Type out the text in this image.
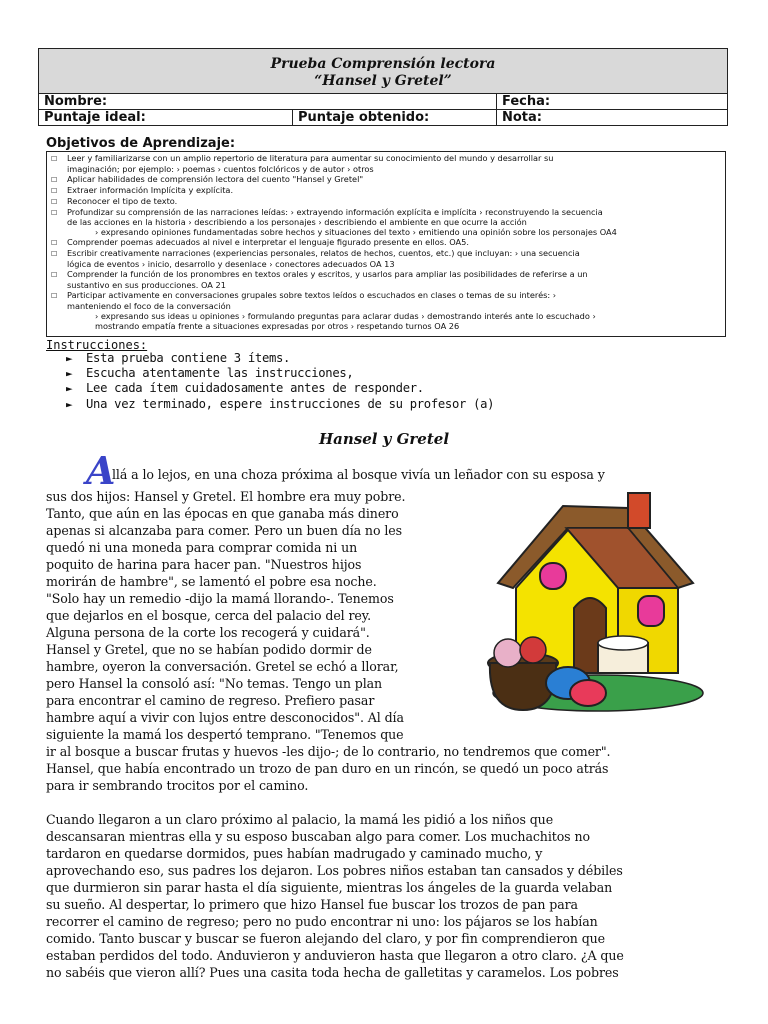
Prueba Comprensión lectora
“Hansel y Gretel”		

Nombre:		Fecha:
Puntaje ideal:	Puntaje obtenido:	Nota:
Objetivos de Aprendizaje:
☐	Leer y familiarizarse con un amplio repertorio de literatura para aumentar su conocimiento del mundo y desarrollar su
imaginación; por ejemplo: › poemas › cuentos folclóricos y de autor › otros
☐	Aplicar habilidades de comprensión lectora del cuento "Hansel y Gretel"
☐	Extraer información Implícita y explícita.
☐	Reconocer el tipo de texto.
☐	Profundizar su comprensión de las narraciones leídas: › extrayendo información explícita e implícita › reconstruyendo la secuencia
de las acciones en la historia › describiendo a los personajes › describiendo el ambiente en que ocurre la acción
› expresando opiniones fundamentadas sobre hechos y situaciones del texto › emitiendo una opinión sobre los personajes OA4
☐	Comprender poemas adecuados al nivel e interpretar el lenguaje figurado presente en ellos. OA5.
☐	Escribir creativamente narraciones (experiencias personales, relatos de hechos, cuentos, etc.) que incluyan: › una secuencia
lógica de eventos › inicio, desarrollo y desenlace › conectores adecuados OA 13
☐	Comprender la función de los pronombres en textos orales y escritos, y usarlos para ampliar las posibilidades de referirse a un
sustantivo en sus producciones. OA 21
☐	Participar activamente en conversaciones grupales sobre textos leídos o escuchados en clases o temas de su interés: ›
manteniendo el foco de la conversación
› expresando sus ideas u opiniones › formulando preguntas para aclarar dudas › demostrando interés ante lo escuchado ›
mostrando empatía frente a situaciones expresadas por otros › respetando turnos OA 26
Instrucciones:
► Esta prueba contiene 3 ítems.
► Escucha atentamente las instrucciones,
► Lee cada ítem cuidadosamente antes de responder.
► Una vez terminado, espere instrucciones de su profesor (a)
Hansel y Gretel
A
llá a lo lejos, en una choza próxima al bosque vivía un leñador con su esposa y
sus dos hijos: Hansel y Gretel. El hombre era muy pobre.
Tanto, que aún en las épocas en que ganaba más dinero
apenas si alcanzaba para comer. Pero un buen día no les
quedó ni una moneda para comprar comida ni un
poquito de harina para hacer pan. "Nuestros hijos
morirán de hambre", se lamentó el pobre esa noche.
"Solo hay un remedio -dijo la mamá llorando-. Tenemos
que dejarlos en el bosque, cerca del palacio del rey.
Alguna persona de la corte los recogerá y cuidará".
Hansel y Gretel, que no se habían podido dormir de
hambre, oyeron la conversación. Gretel se echó a llorar,
pero Hansel la consoló así: "No temas. Tengo un plan
para encontrar el camino de regreso. Prefiero pasar
hambre aquí a vivir con lujos entre desconocidos". Al día
siguiente la mamá los despertó temprano. "Tenemos que
ir al bosque a buscar frutas y huevos -les dijo-; de lo contrario, no tendremos que comer".
Hansel, que había encontrado un trozo de pan duro en un rincón, se quedó un poco atrás
para ir sembrando trocitos por el camino.
Cuando llegaron a un claro próximo al palacio, la mamá les pidió a los niños que
descansaran mientras ella y su esposo buscaban algo para comer. Los muchachitos no
tardaron en quedarse dormidos, pues habían madrugado y caminado mucho, y
aprovechando eso, sus padres los dejaron. Los pobres niños estaban tan cansados y débiles
que durmieron sin parar hasta el día siguiente, mientras los ángeles de la guarda velaban
su sueño. Al despertar, lo primero que hizo Hansel fue buscar los trozos de pan para
recorrer el camino de regreso; pero no pudo encontrar ni uno: los pájaros se los habían
comido. Tanto buscar y buscar se fueron alejando del claro, y por fin comprendieron que
estaban perdidos del todo. Anduvieron y anduvieron hasta que llegaron a otro claro. ¿A que
no sabéis que vieron allí? Pues una casita toda hecha de galletitas y caramelos. Los pobres
